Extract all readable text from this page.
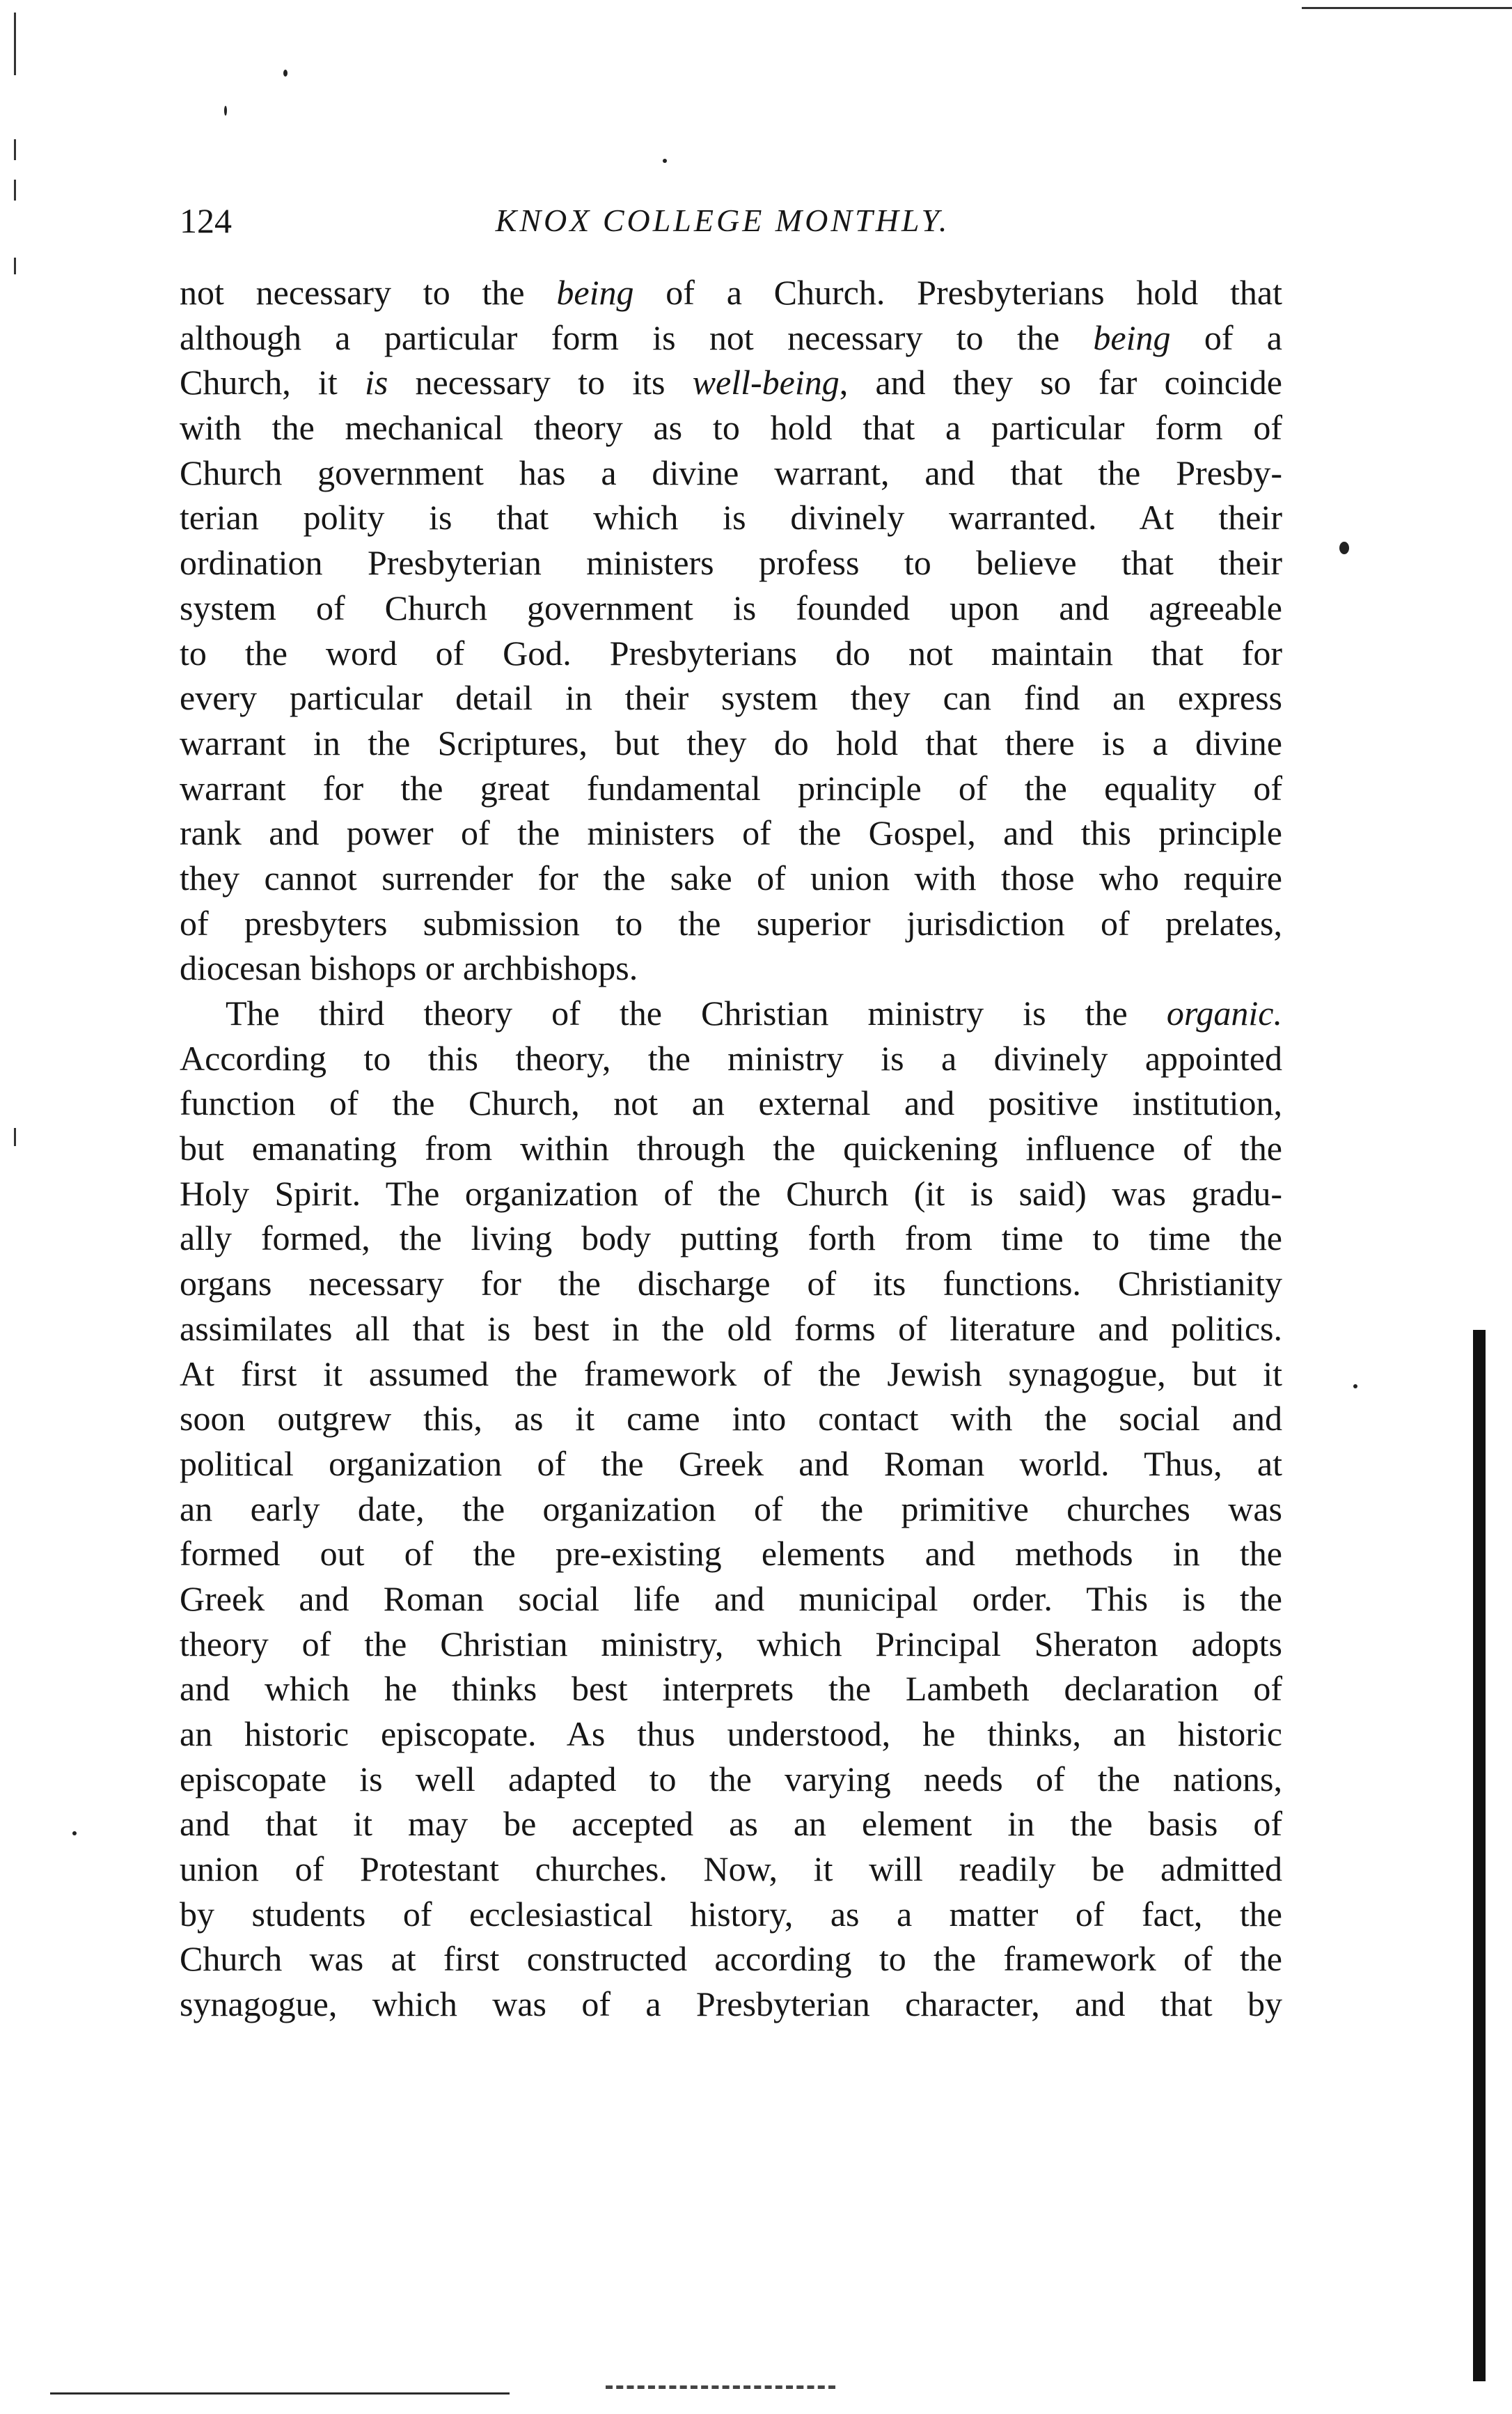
124	KNOX COLLEGE MONTHLY.
not necessary to the being of a Church. Presbyterians hold that
although a particular form is not necessary to the being of a
Church, it is necessary to its well-being, and they so far coincide
with the mechanical theory as to hold that a particular form of
Church government has a divine warrant, and that the Presby-
terian polity is that which is divinely warranted. At their
ordination Presbyterian ministers profess to believe that their
system of Church government is founded upon and agreeable
to the word of God. Presbyterians do not maintain that for
every particular detail in their system they can find an express
warrant in the Scriptures, but they do hold that there is a divine
warrant for the great fundamental principle of the equality of
rank and power of the ministers of the Gospel, and this principle
they cannot surrender for the sake of union with those who require
of presbyters submission to the superior jurisdiction of prelates,
diocesan bishops or archbishops.
The third theory of the Christian ministry is the organic.
According to this theory, the ministry is a divinely appointed
function of the Church, not an external and positive institution,
but emanating from within through the quickening influence of the
Holy Spirit. The organization of the Church (it is said) was gradu-
ally formed, the living body putting forth from time to time the
organs necessary for the discharge of its functions. Christianity
assimilates all that is best in the old forms of literature and politics.
At first it assumed the framework of the Jewish synagogue, but it
soon outgrew this, as it came into contact with the social and
political organization of the Greek and Roman world. Thus, at
an early date, the organization of the primitive churches was
formed out of the pre-existing elements and methods in the
Greek and Roman social life and municipal order. This is the
theory of the Christian ministry, which Principal Sheraton adopts
and which he thinks best interprets the Lambeth declaration of
an historic episcopate. As thus understood, he thinks, an historic
episcopate is well adapted to the varying needs of the nations,
and that it may be accepted as an element in the basis of
union of Protestant churches. Now, it will readily be admitted
by students of ecclesiastical history, as a matter of fact, the
Church was at first constructed according to the framework of the
synagogue, which was of a Presbyterian character, and that by
